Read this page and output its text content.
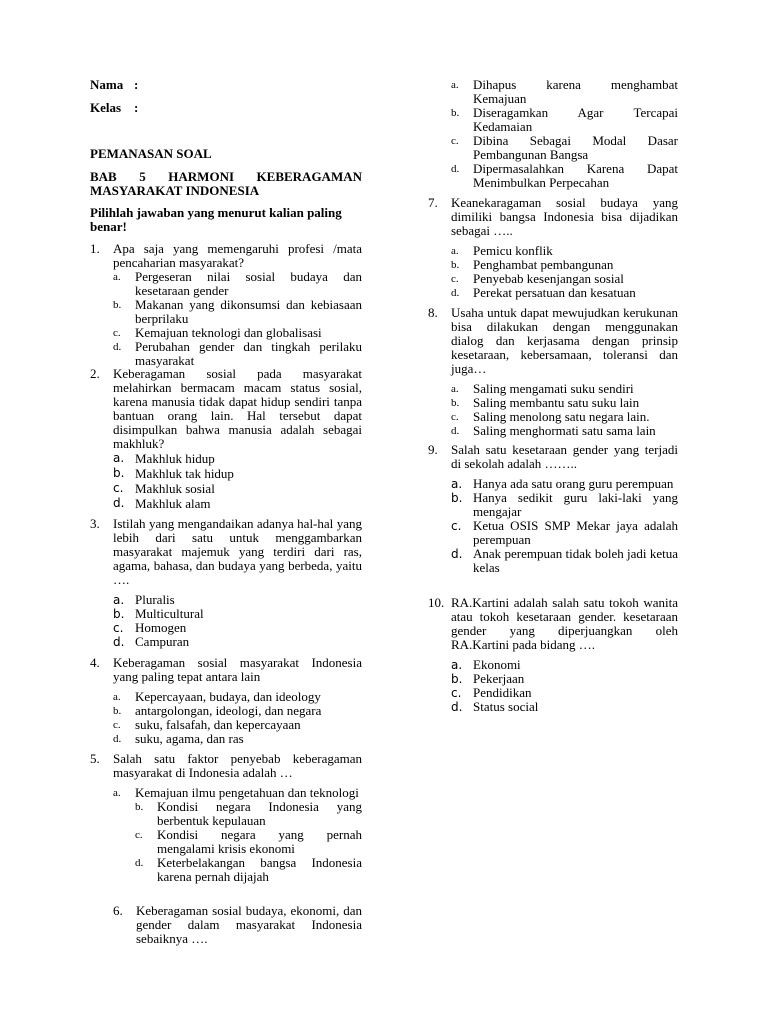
Nama :
Kelas :
PEMANASAN SOAL
BAB 5 HARMONI KEBERAGAMAN MASYARAKAT INDONESIA
Pilihlah jawaban yang menurut kalian paling benar!
1. Apa saja yang memengaruhi profesi /mata pencaharian masyarakat?
a. Pergeseran nilai sosial budaya dan kesetaraan gender
b. Makanan yang dikonsumsi dan kebiasaan berprilaku
c. Kemajuan teknologi dan globalisasi
d. Perubahan gender dan tingkah perilaku masyarakat
2. Keberagaman sosial pada masyarakat melahirkan bermacam macam status sosial, karena manusia tidak dapat hidup sendiri tanpa bantuan orang lain. Hal tersebut dapat disimpulkan bahwa manusia adalah sebagai makhluk?
a. Makhluk hidup
b. Makhluk tak hidup
c. Makhluk sosial
d. Makhluk alam
3. Istilah yang mengandaikan adanya hal-hal yang lebih dari satu untuk menggambarkan masyarakat majemuk yang terdiri dari ras, agama, bahasa, dan budaya yang berbeda, yaitu ….
a. Pluralis
b. Multicultural
c. Homogen
d. Campuran
4. Keberagaman sosial masyarakat Indonesia yang paling tepat antara lain
a. Kepercayaan, budaya, dan ideology
b. antargolongan, ideologi, dan negara
c. suku, falsafah, dan kepercayaan
d. suku, agama, dan ras
5. Salah satu faktor penyebab keberagaman masyarakat di Indonesia adalah …
a. Kemajuan ilmu pengetahuan dan teknologi
b. Kondisi negara Indonesia yang berbentuk kepulauan
c. Kondisi negara yang pernah mengalami krisis ekonomi
d. Keterbelakangan bangsa Indonesia karena pernah dijajah
6. Keberagaman sosial budaya, ekonomi, dan gender dalam masyarakat Indonesia sebaiknya ….
a. Dihapus karena menghambat Kemajuan
b. Diseragamkan Agar Tercapai Kedamaian
c. Dibina Sebagai Modal Dasar Pembangunan Bangsa
d. Dipermasalahkan Karena Dapat Menimbulkan Perpecahan
7. Keanekaragaman sosial budaya yang dimiliki bangsa Indonesia bisa dijadikan sebagai …..
a. Pemicu konflik
b. Penghambat pembangunan
c. Penyebab kesenjangan sosial
d. Perekat persatuan dan kesatuan
8. Usaha untuk dapat mewujudkan kerukunan bisa dilakukan dengan menggunakan dialog dan kerjasama dengan prinsip kesetaraan, kebersamaan, toleransi dan juga…
a. Saling mengamati suku sendiri
b. Saling membantu satu suku lain
c. Saling menolong satu negara lain.
d. Saling menghormati satu sama lain
9. Salah satu kesetaraan gender yang terjadi di sekolah adalah ……..
a. Hanya ada satu orang guru perempuan
b. Hanya sedikit guru laki-laki yang mengajar
c. Ketua OSIS SMP Mekar jaya adalah perempuan
d. Anak perempuan tidak boleh jadi ketua kelas
10. RA.Kartini adalah salah satu tokoh wanita atau tokoh kesetaraan gender. kesetaraan gender yang diperjuangkan oleh RA.Kartini pada bidang ….
a. Ekonomi
b. Pekerjaan
c. Pendidikan
d. Status social
